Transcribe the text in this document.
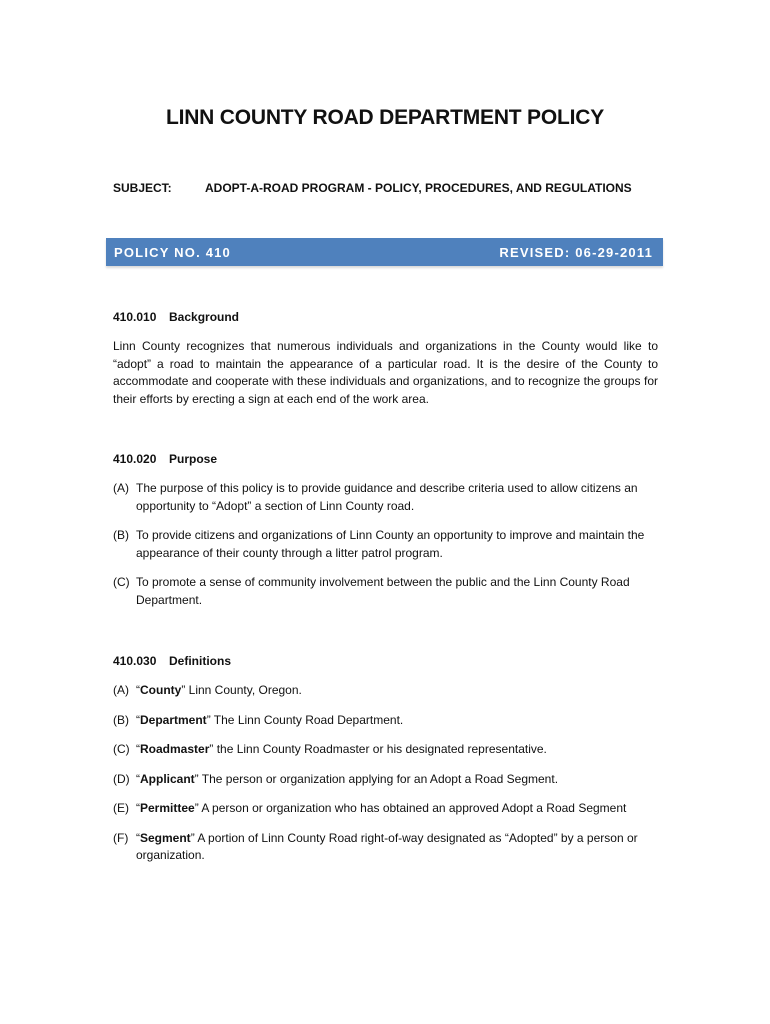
LINN COUNTY ROAD DEPARTMENT POLICY
SUBJECT:	ADOPT-A-ROAD PROGRAM - POLICY, PROCEDURES, AND REGULATIONS
POLICY NO. 410	REVISED: 06-29-2011

410.010 Background

Linn County recognizes that numerous individuals and organizations in the County would like to “adopt” a road to maintain the appearance of a particular road. It is the desire of the County to accommodate and cooperate with these individuals and organizations, and to recognize the groups for their efforts by erecting a sign at each end of the work area.

410.020 Purpose

(A) The purpose of this policy is to provide guidance and describe criteria used to allow citizens an opportunity to “Adopt” a section of Linn County road.
(B) To provide citizens and organizations of Linn County an opportunity to improve and maintain the appearance of their county through a litter patrol program.
(C) To promote a sense of community involvement between the public and the Linn County Road Department.

410.030 Definitions

(A) “County” Linn County, Oregon.
(B) “Department” The Linn County Road Department.
(C) “Roadmaster” the Linn County Roadmaster or his designated representative.
(D) “Applicant” The person or organization applying for an Adopt a Road Segment.
(E) “Permittee” A person or organization who has obtained an approved Adopt a Road Segment
(F) “Segment” A portion of Linn County Road right-of-way designated as “Adopted” by a person or organization.
